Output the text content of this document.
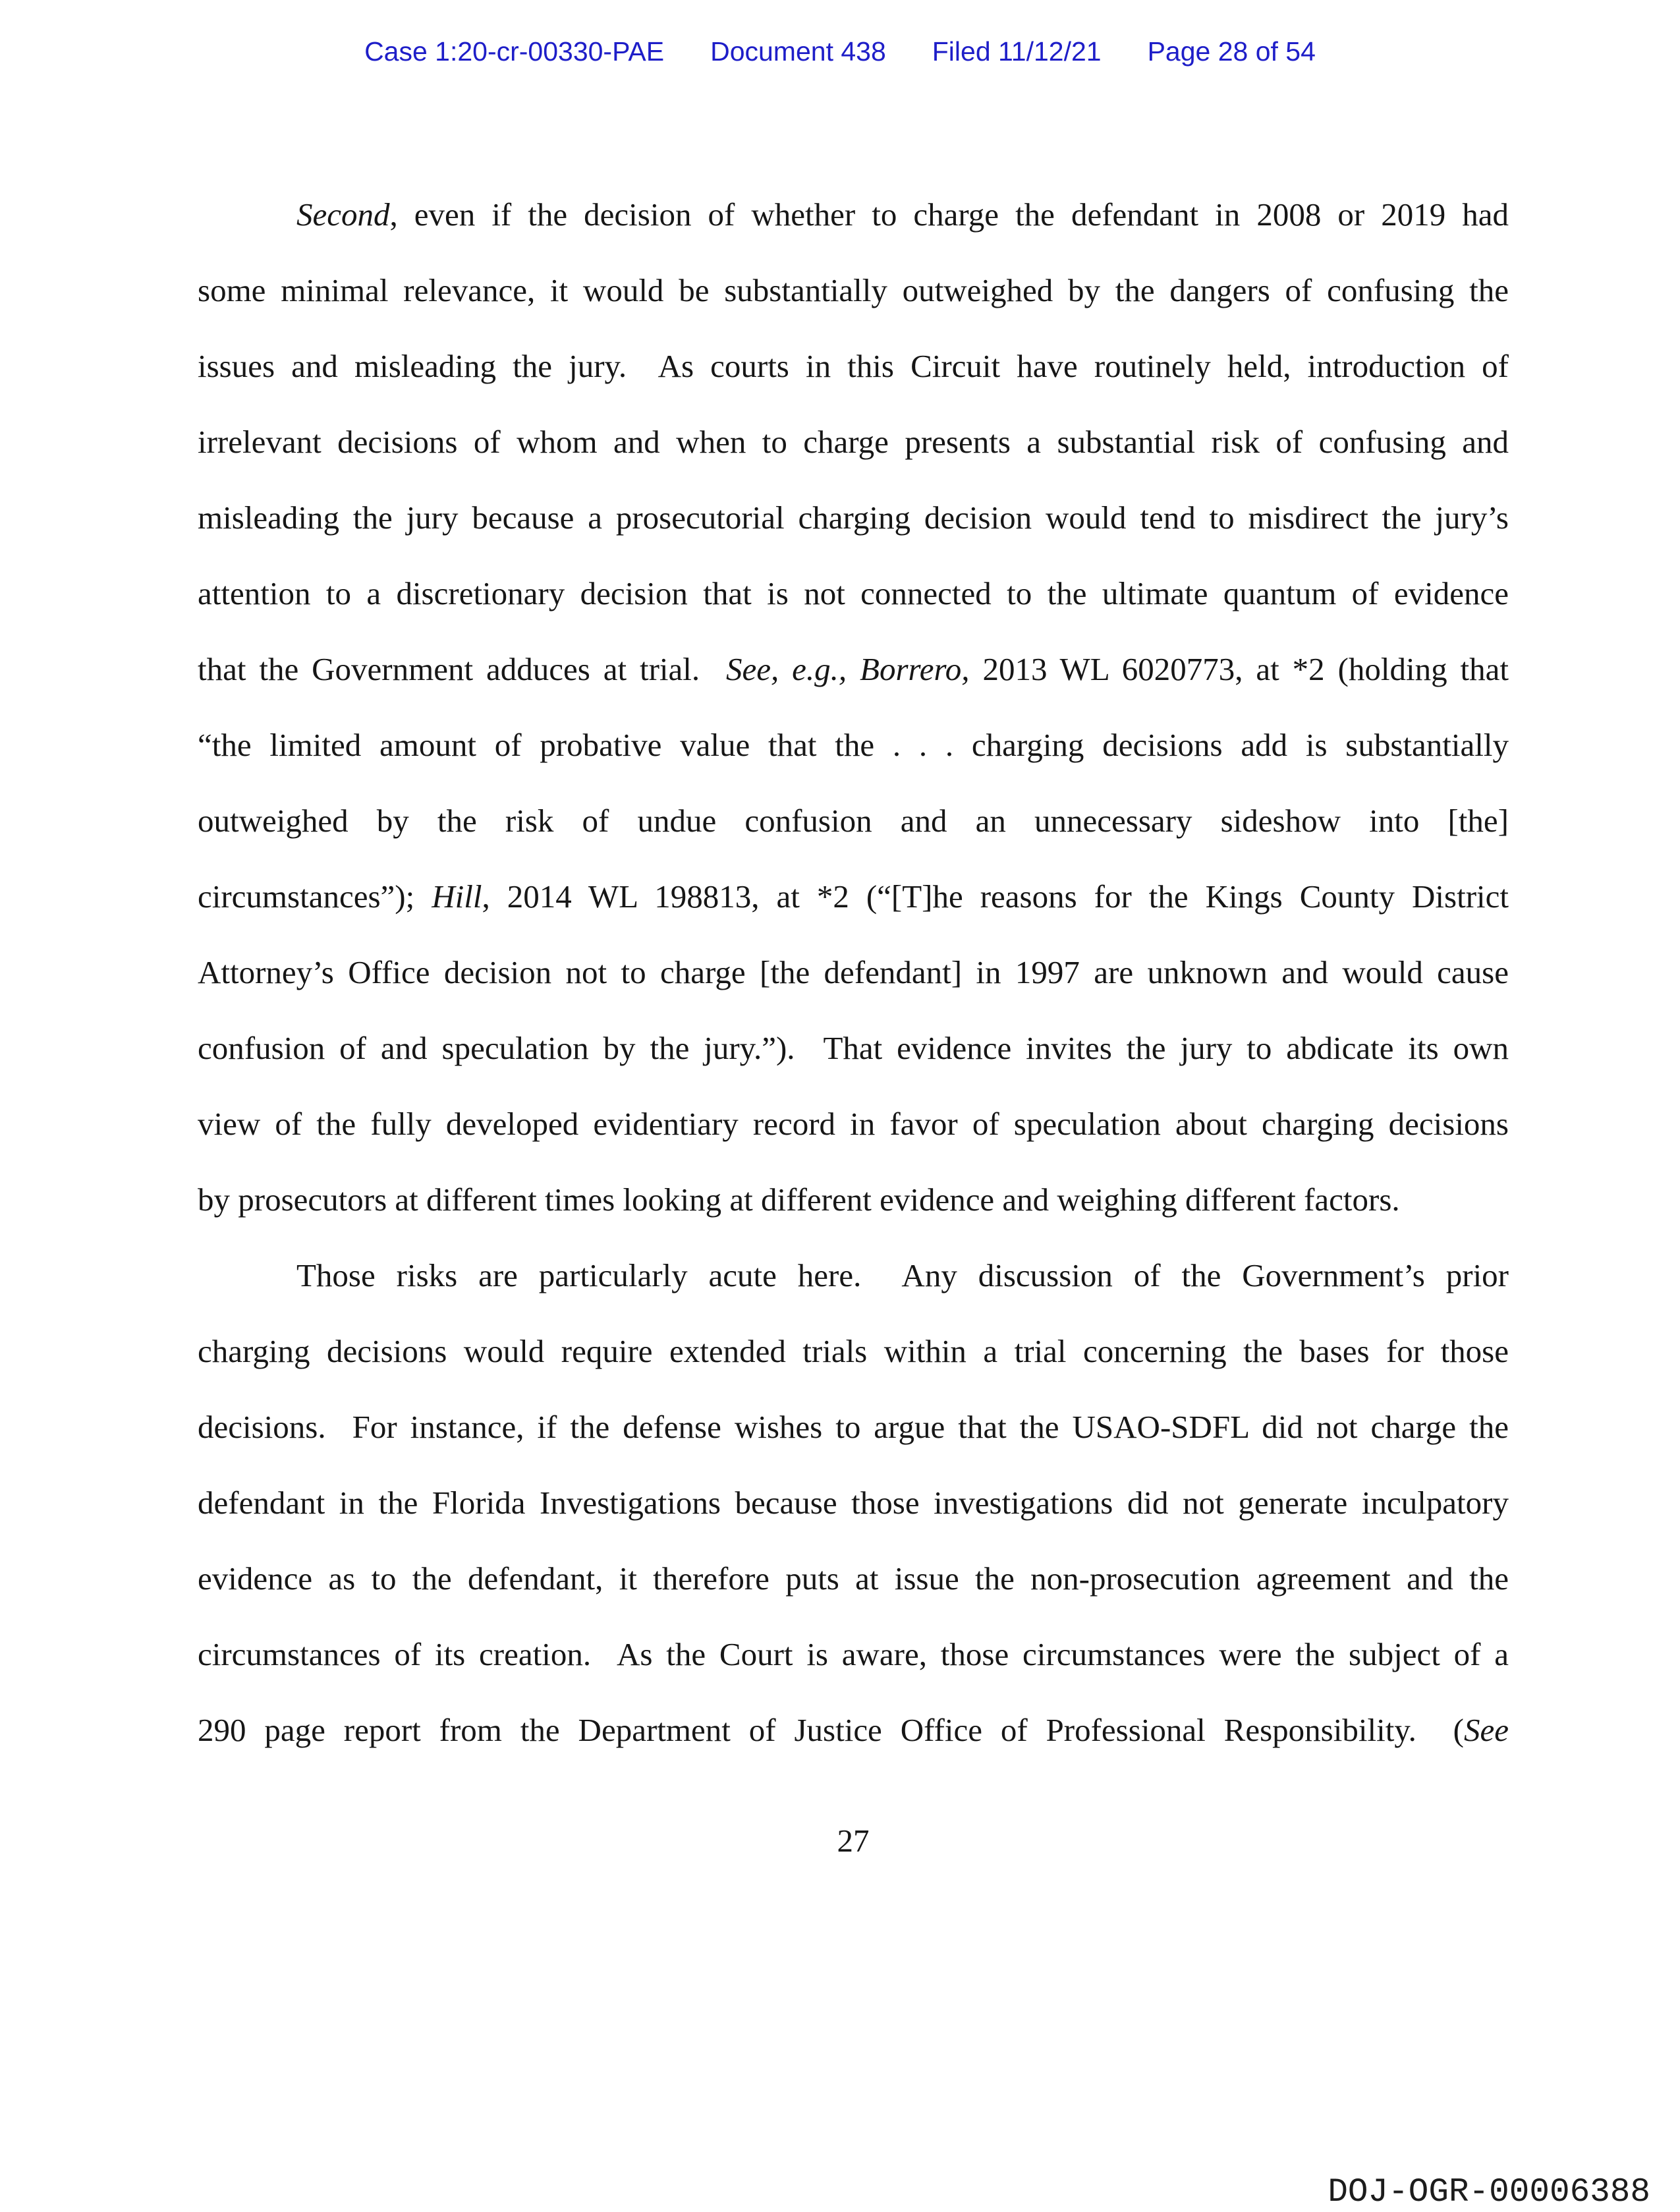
Case 1:20-cr-00330-PAE Document 438 Filed 11/12/21 Page 28 of 54
Second, even if the decision of whether to charge the defendant in 2008 or 2019 had
some minimal relevance, it would be substantially outweighed by the dangers of confusing the
issues and misleading the jury.  As courts in this Circuit have routinely held, introduction of
irrelevant decisions of whom and when to charge presents a substantial risk of confusing and
misleading the jury because a prosecutorial charging decision would tend to misdirect the jury’s
attention to a discretionary decision that is not connected to the ultimate quantum of evidence
that the Government adduces at trial.  See, e.g., Borrero, 2013 WL 6020773, at *2 (holding that
“the limited amount of probative value that the . . . charging decisions add is substantially
outweighed by the risk of undue confusion and an unnecessary sideshow into [the]
circumstances”); Hill, 2014 WL 198813, at *2 (“[T]he reasons for the Kings County District
Attorney’s Office decision not to charge [the defendant] in 1997 are unknown and would cause
confusion of and speculation by the jury.”).  That evidence invites the jury to abdicate its own
view of the fully developed evidentiary record in favor of speculation about charging decisions
by prosecutors at different times looking at different evidence and weighing different factors.
Those risks are particularly acute here.  Any discussion of the Government’s prior
charging decisions would require extended trials within a trial concerning the bases for those
decisions.  For instance, if the defense wishes to argue that the USAO-SDFL did not charge the
defendant in the Florida Investigations because those investigations did not generate inculpatory
evidence as to the defendant, it therefore puts at issue the non-prosecution agreement and the
circumstances of its creation.  As the Court is aware, those circumstances were the subject of a
290 page report from the Department of Justice Office of Professional Responsibility.  (See
27
DOJ-OGR-00006388
